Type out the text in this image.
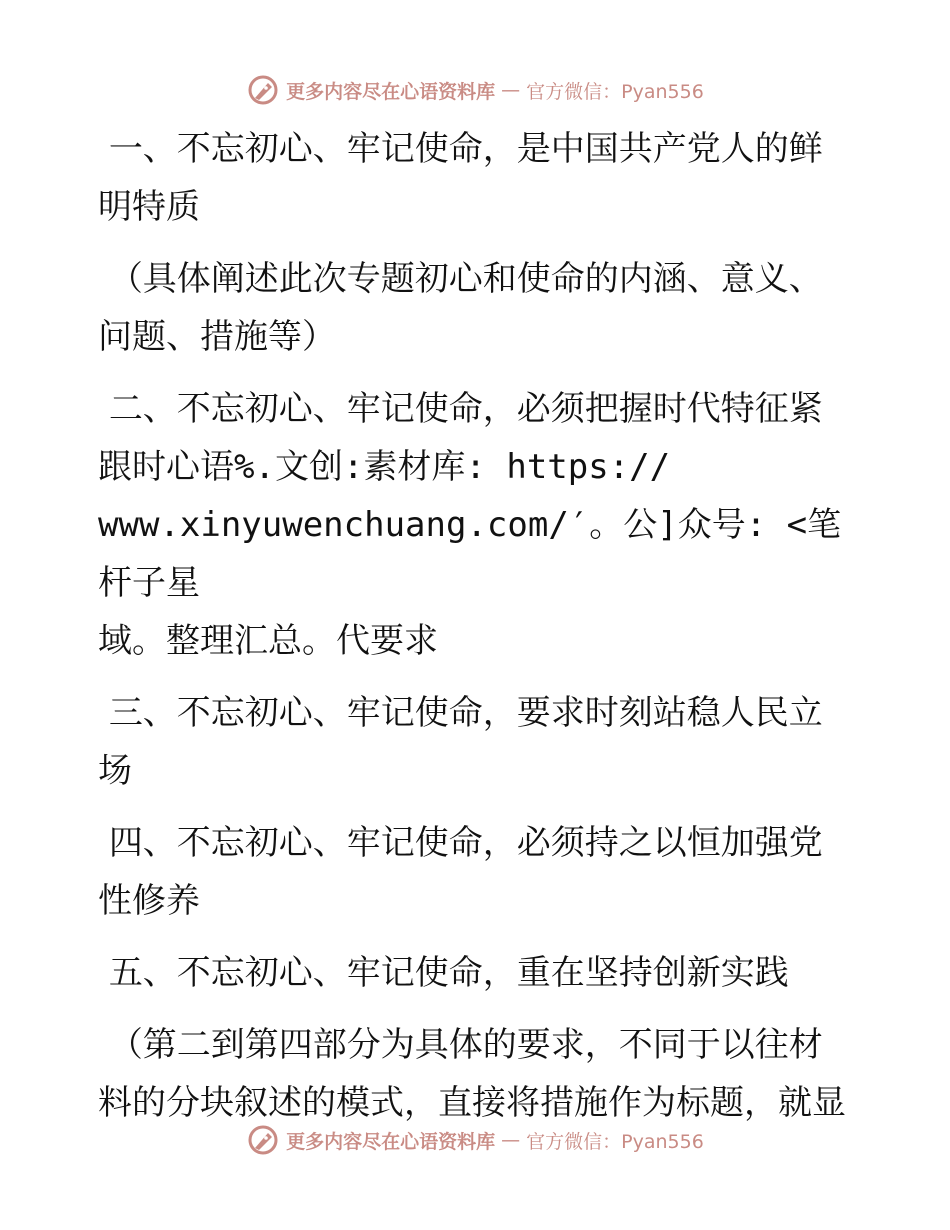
更多内容尽在心语资料库 — 官方微信：Pyan556

一、不忘初心、牢记使命，是中国共产党人的鲜

明特质

（具体阐述此次专题初心和使命的内涵、意义、

问题、措施等）

二、不忘初心、牢记使命，必须把握时代特征紧

跟时心语%.文创:素材库: https://

www.xinyuwenchuang.com/′。公]众号: <笔杆子星

域。整理汇总。代要求

三、不忘初心、牢记使命，要求时刻站稳人民立

场

四、不忘初心、牢记使命，必须持之以恒加强党

性修养

五、不忘初心、牢记使命，重在坚持创新实践

（第二到第四部分为具体的要求，不同于以往材

料的分块叙述的模式，直接将措施作为标题，就显

更多内容尽在心语资料库 — 官方微信：Pyan556
